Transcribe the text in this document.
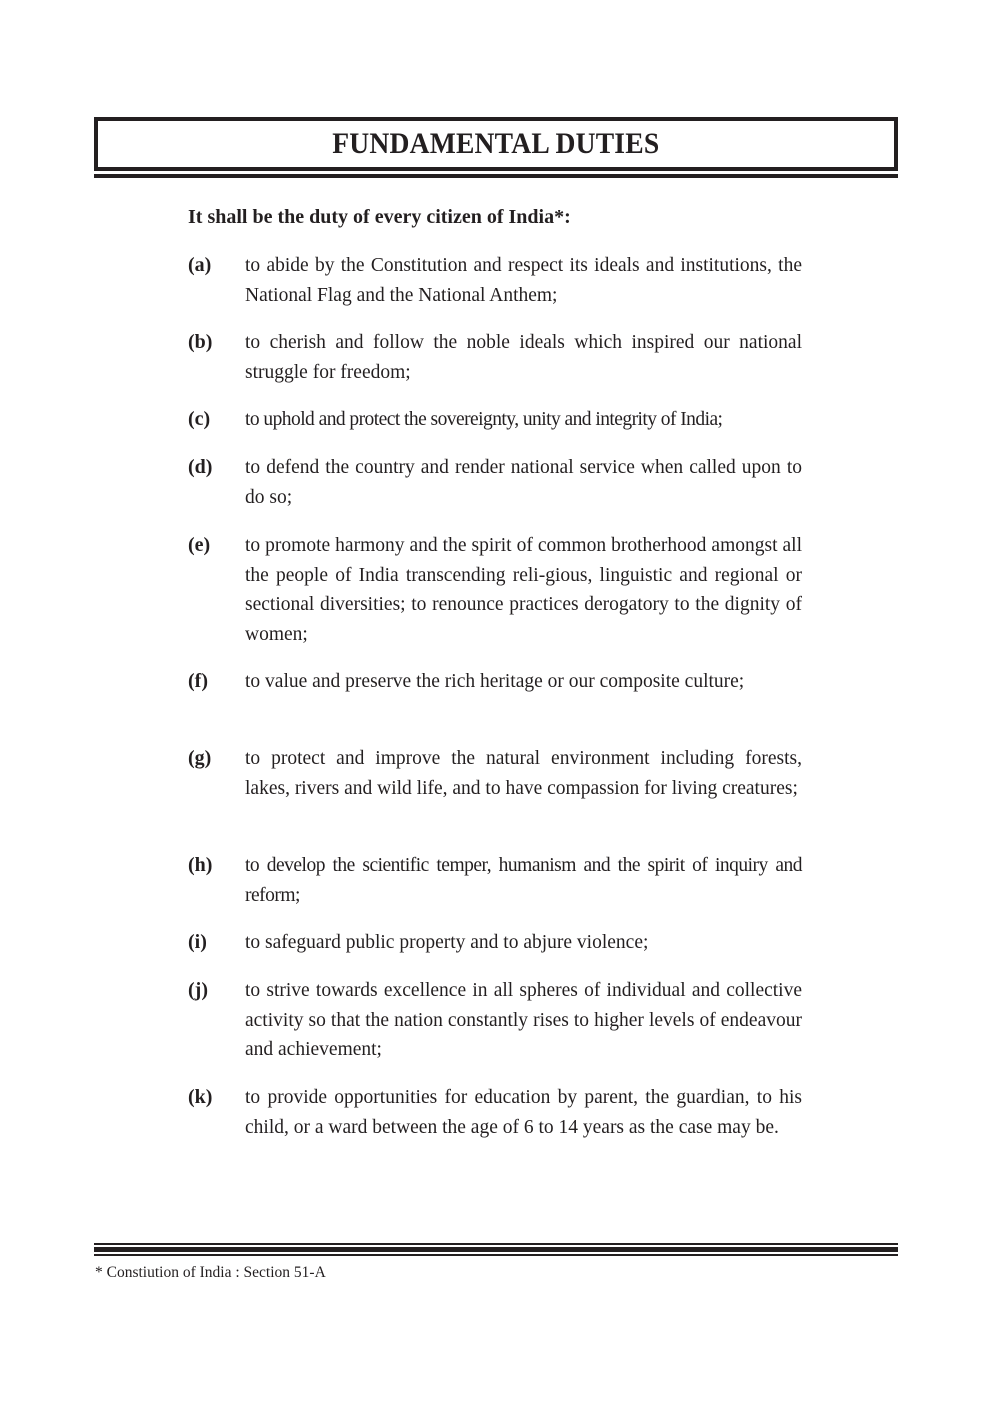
FUNDAMENTAL DUTIES
It shall be the duty of every citizen of India*:
(a)	to abide by the Constitution and respect its ideals and institutions, the National Flag and the National Anthem;
(b)	to cherish and follow the noble ideals which inspired our national struggle for freedom;
(c)	to uphold and protect the sovereignty, unity and integrity of India;
(d)	to defend the country and render national service when called upon to do so;
(e)	to promote harmony and the spirit of common brotherhood amongst all the people of India transcending reli-gious, linguistic and regional or sectional diversities; to renounce practices derogatory to the dignity of women;
(f)	to value and preserve the rich heritage or our composite culture;
(g)	to protect and improve the natural environment including forests, lakes, rivers and wild life, and to have compassion for living creatures;
(h)	to develop the scientific temper, humanism and the spirit of inquiry and reform;
(i)	to safeguard public property and to abjure violence;
(j)	to strive towards excellence in all spheres of individual and collective activity so that the nation constantly rises to higher levels of endeavour and achievement;
(k)	to provide opportunities for education by parent, the guardian, to his child, or a ward between the age of 6 to 14 years as the case may be.
* Constiution of India : Section 51-A
